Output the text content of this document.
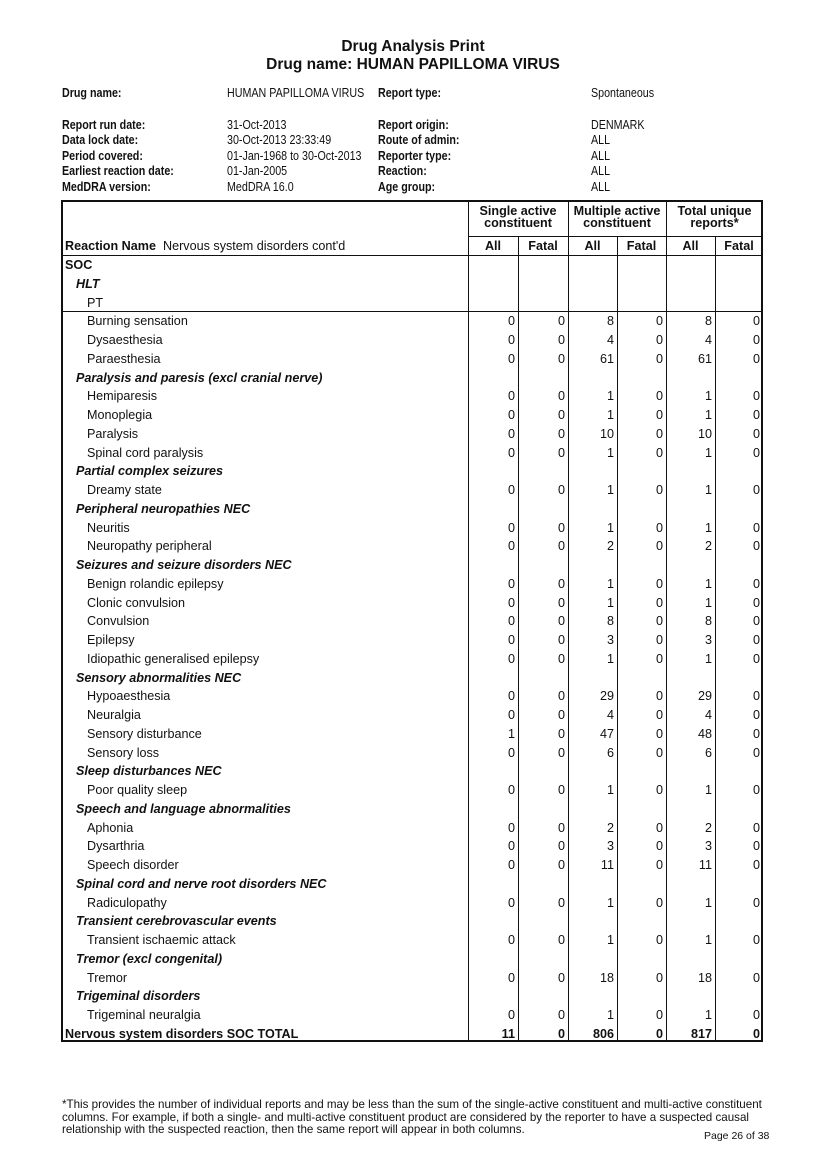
Drug Analysis Print
Drug name: HUMAN PAPILLOMA VIRUS
Drug name:	HUMAN PAPILLOMA VIRUS
Report run date:	31-Oct-2013
Data lock date:	30-Oct-2013 23:33:49
Period covered:	01-Jan-1968 to 30-Oct-2013
Earliest reaction date:	01-Jan-2005
MedDRA version:	MedDRA 16.0
Report type:	Spontaneous
Report origin:	DENMARK
Route of admin:	ALL
Reporter type:	ALL
Reaction:	ALL
Age group:	ALL
Single active constituent
Multiple active constituent
Total unique reports*
Reaction Name Nervous system disorders cont'd	All	Fatal	All	Fatal	All	Fatal
SOC
HLT
PT
Burning sensation	0	0	8	0	8	0
Dysaesthesia	0	0	4	0	4	0
Paraesthesia	0	0	61	0	61	0
Paralysis and paresis (excl cranial nerve)
Hemiparesis	0	0	1	0	1	0
Monoplegia	0	0	1	0	1	0
Paralysis	0	0	10	0	10	0
Spinal cord paralysis	0	0	1	0	1	0
Partial complex seizures
Dreamy state	0	0	1	0	1	0
Peripheral neuropathies NEC
Neuritis	0	0	1	0	1	0
Neuropathy peripheral	0	0	2	0	2	0
Seizures and seizure disorders NEC
Benign rolandic epilepsy	0	0	1	0	1	0
Clonic convulsion	0	0	1	0	1	0
Convulsion	0	0	8	0	8	0
Epilepsy	0	0	3	0	3	0
Idiopathic generalised epilepsy	0	0	1	0	1	0
Sensory abnormalities NEC
Hypoaesthesia	0	0	29	0	29	0
Neuralgia	0	0	4	0	4	0
Sensory disturbance	1	0	47	0	48	0
Sensory loss	0	0	6	0	6	0
Sleep disturbances NEC
Poor quality sleep	0	0	1	0	1	0
Speech and language abnormalities
Aphonia	0	0	2	0	2	0
Dysarthria	0	0	3	0	3	0
Speech disorder	0	0	11	0	11	0
Spinal cord and nerve root disorders NEC
Radiculopathy	0	0	1	0	1	0
Transient cerebrovascular events
Transient ischaemic attack	0	0	1	0	1	0
Tremor (excl congenital)
Tremor	0	0	18	0	18	0
Trigeminal disorders
Trigeminal neuralgia	0	0	1	0	1	0
Nervous system disorders SOC TOTAL	11	0	806	0	817	0
*This provides the number of individual reports and may be less than the sum of the single-active constituent and multi-active constituent columns. For example, if both a single- and multi-active constituent product are considered by the reporter to have a suspected causal relationship with the suspected reaction, then the same report will appear in both columns.	Page 26 of 38
